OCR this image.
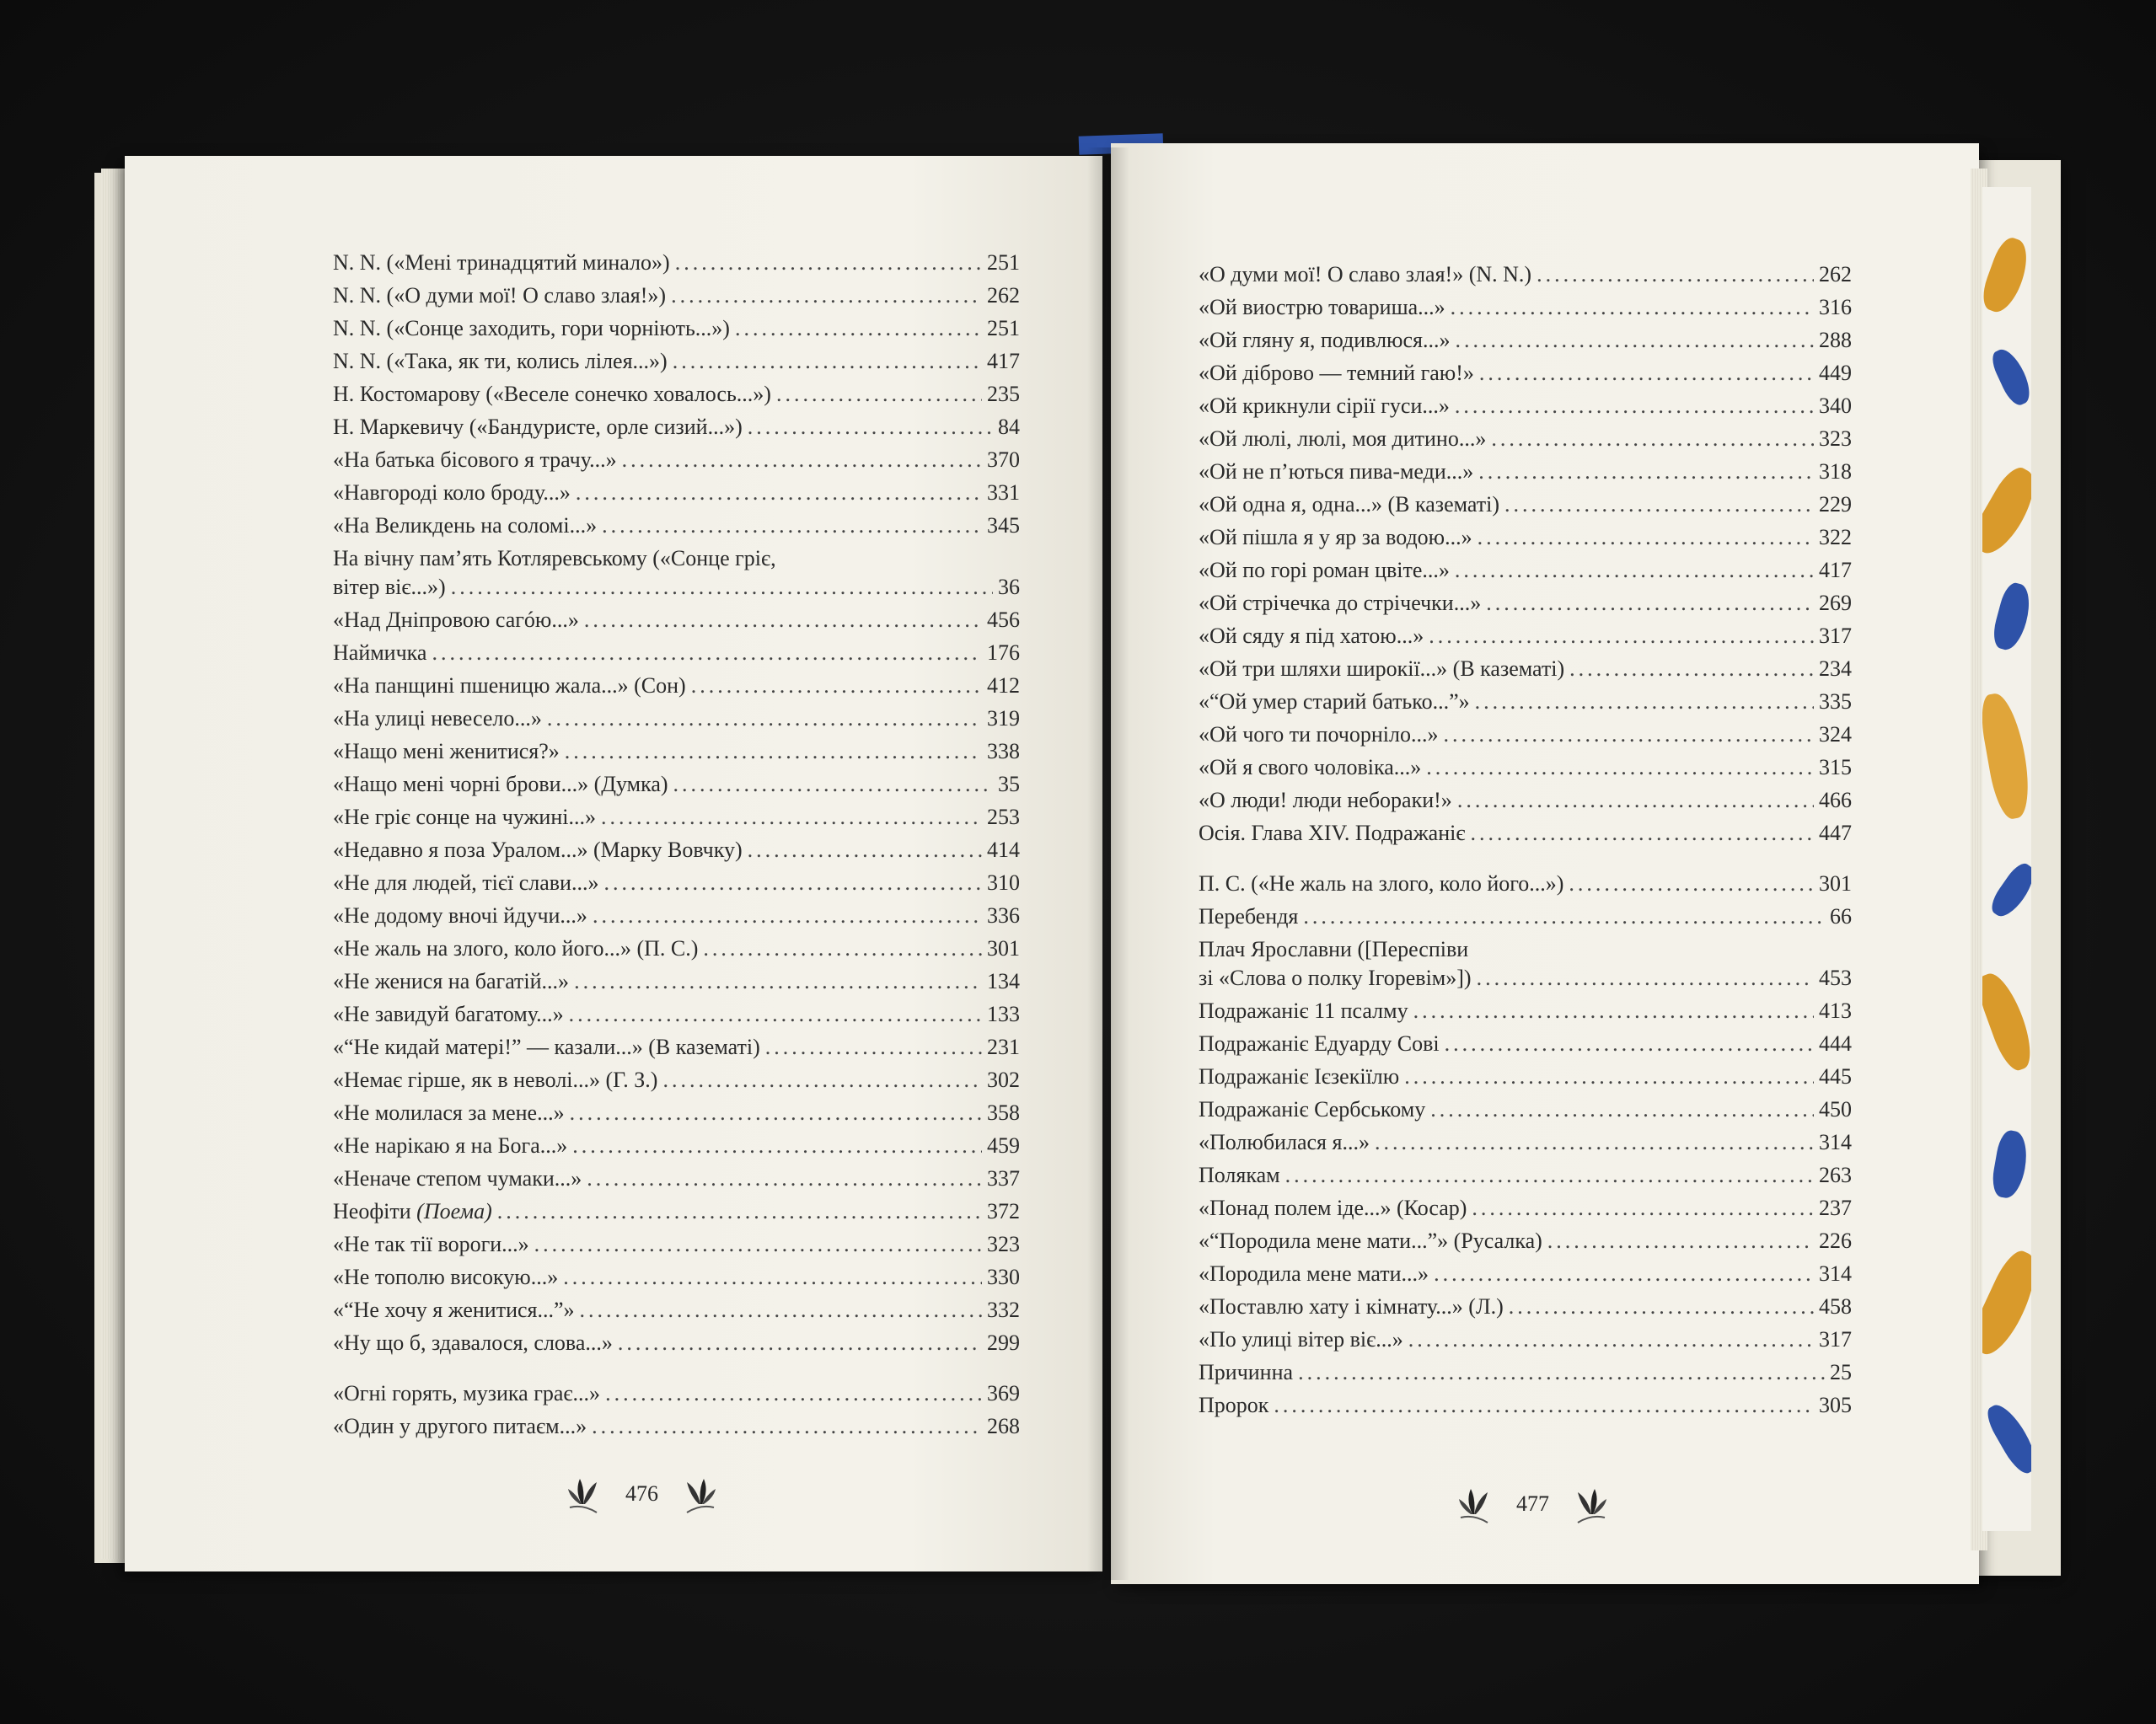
N. N. («Мені тринадцятий минало») .....	251
N. N. («О думи мої! О славо злая!») .....	262
N. N. («Сонце заходить, гори чорніють...») .....	251
N. N. («Така, як ти, колись лілея...») .....	417
Н. Костомарову («Веселе сонечко ховалось...») .....	235
Н. Маркевичу («Бандуристе, орле сизий...») .....	84
«На батька бісового я трачу...» .....	370
«Навгороді коло броду...» .....	331
«На Великдень на соломі...» .....	345
На вічну пам’ять Котляревському («Сонце гріє,
вітер віє...») .....	36
«Над Дніпровою сагóю...» .....	456
Наймичка .....	176
«На панщині пшеницю жала...» (Сон) .....	412
«На улиці невесело...» .....	319
«Нащо мені женитися?» .....	338
«Нащо мені чорні брови...» (Думка) .....	35
«Не гріє сонце на чужині...» .....	253
«Недавно я поза Уралом...» (Марку Вовчку) .....	414
«Не для людей, тієї слави...» .....	310
«Не додому вночі йдучи...» .....	336
«Не жаль на злого, коло його...» (П. С.) .....	301
«Не женися на багатій...» .....	134
«Не завидуй багатому...» .....	133
«“Не кидай матері!” — казали...» (В казематі) .....	231
«Немає гірше, як в неволі...» (Г. З.) .....	302
«Не молилася за мене...» .....	358
«Не нарікаю я на Бога...» .....	459
«Неначе степом чумаки...» .....	337
Неофіти (Поема) .....	372
«Не так тії вороги...» .....	323
«Не тополю високую...» .....	330
«“Не хочу я женитися...”» .....	332
«Ну що б, здавалося, слова...» .....	299
«Огні горять, музика грає...» .....	369
«Один у другого питаєм...» .....	268
«О думи мої! О славо злая!» (N. N.) .....	262
«Ой виострю товариша...» .....	316
«Ой гляну я, подивлюся...» .....	288
«Ой діброво — темний гаю!» .....	449
«Ой крикнули сірії гуси...» .....	340
«Ой люлі, люлі, моя дитино...» .....	323
«Ой не п’ються пива-меди...» .....	318
«Ой одна я, одна...» (В казематі) .....	229
«Ой пішла я у яр за водою...» .....	322
«Ой по горі роман цвіте...» .....	417
«Ой стрічечка до стрічечки...» .....	269
«Ой сяду я під хатою...» .....	317
«Ой три шляхи широкії...» (В казематі) .....	234
«“Ой умер старий батько...”» .....	335
«Ой чого ти почорніло...» .....	324
«Ой я свого чоловіка...» .....	315
«О люди! люди небораки!» .....	466
Осія. Глава XIV. Подражаніє .....	447
П. С. («Не жаль на злого, коло його...») .....	301
Перебендя .....	66
Плач Ярославни ([Переспіви
зі «Слова о полку Ігоревім»]) .....	453
Подражаніє 11 псалму .....	413
Подражаніє Едуарду Сові .....	444
Подражаніє Ієзекіїлю .....	445
Подражаніє Сербському .....	450
«Полюбилася я...» .....	314
Полякам .....	263
«Понад полем іде...» (Косар) .....	237
«“Породила мене мати...”» (Русалка) .....	226
«Породила мене мати...» .....	314
«Поставлю хату і кімнату...» (Л.) .....	458
«По улиці вітер віє...» .....	317
Причинна .....	25
Пророк .....	305
476	477
